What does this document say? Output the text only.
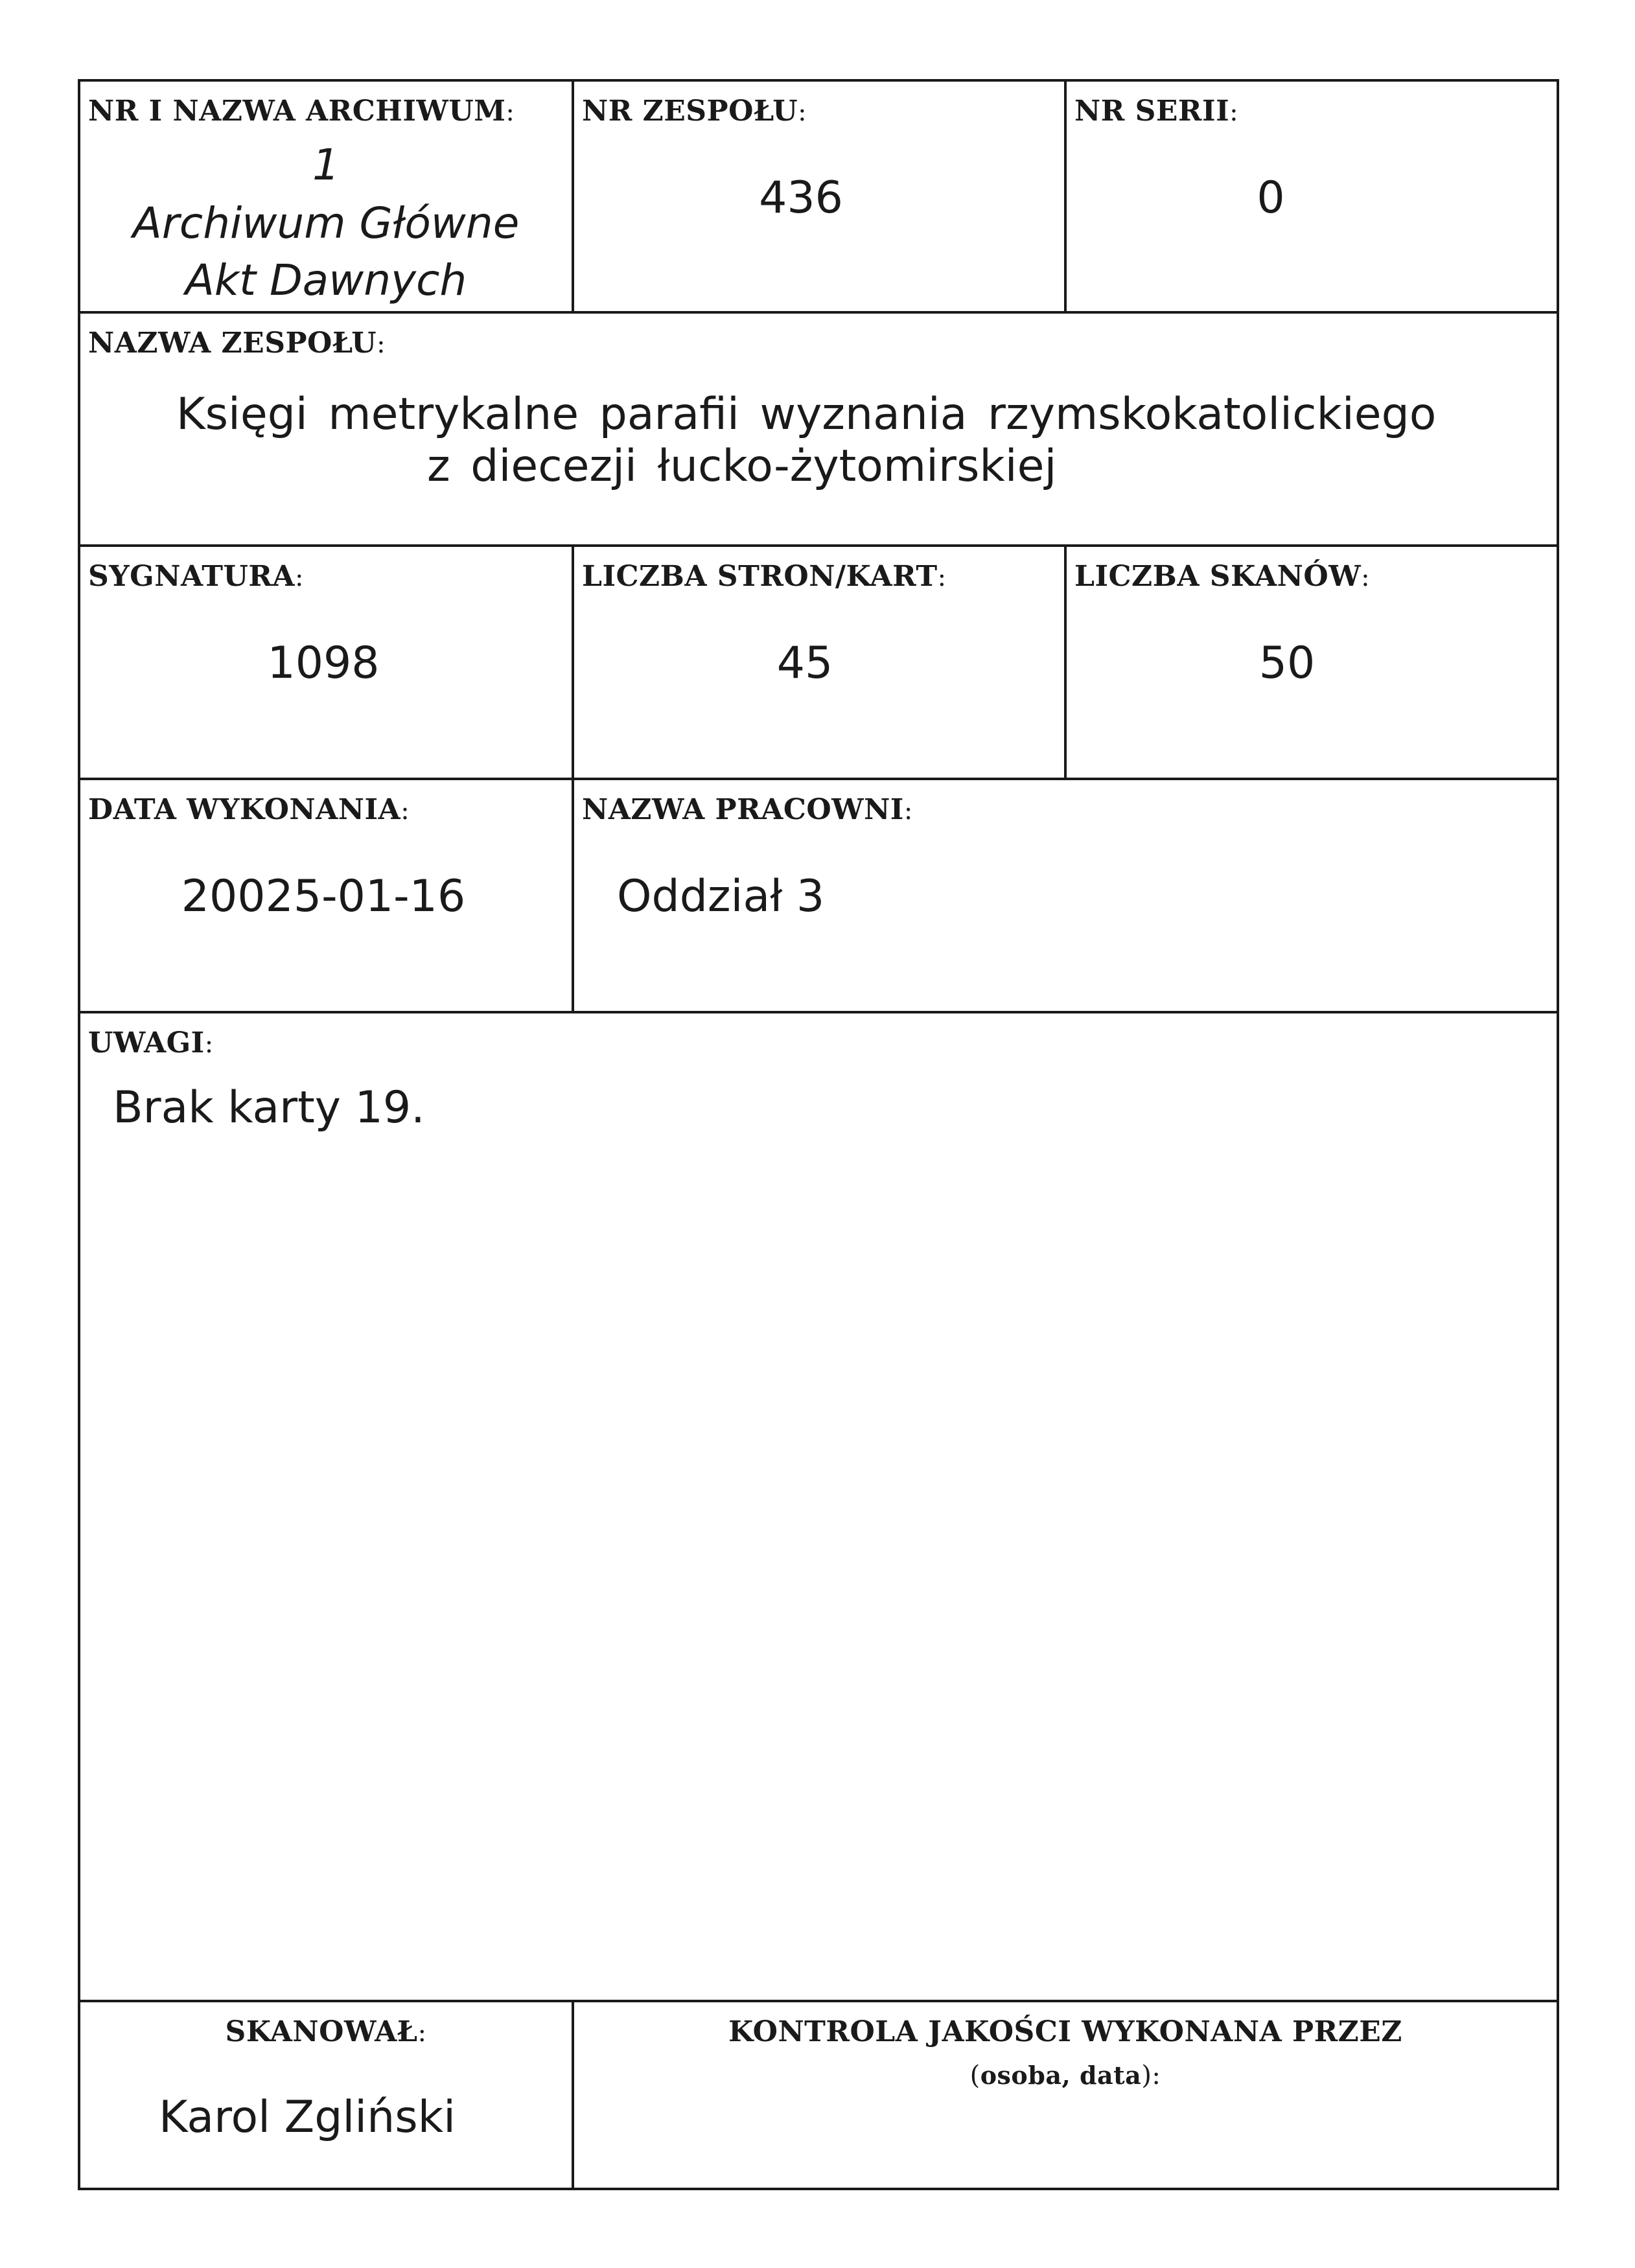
NR I NAZWA ARCHIWUM:
1
Archiwum Główne
Akt Dawnych
NR ZESPOŁU:
436
NR SERII:
0
NAZWA ZESPOŁU:
Księgi metrykalne parafii wyznania rzymskokatolickiego
z diecezji łucko-żytomirskiej
SYGNATURA:
1098
LICZBA STRON/KART:
45
LICZBA SKANÓW:
50
DATA WYKONANIA:
20025-01-16
NAZWA PRACOWNI:
Oddział 3
UWAGI:
Brak karty 19.
SKANOWAŁ:
Karol Zgliński
KONTROLA JAKOŚCI WYKONANA PRZEZ
(osoba, data):
